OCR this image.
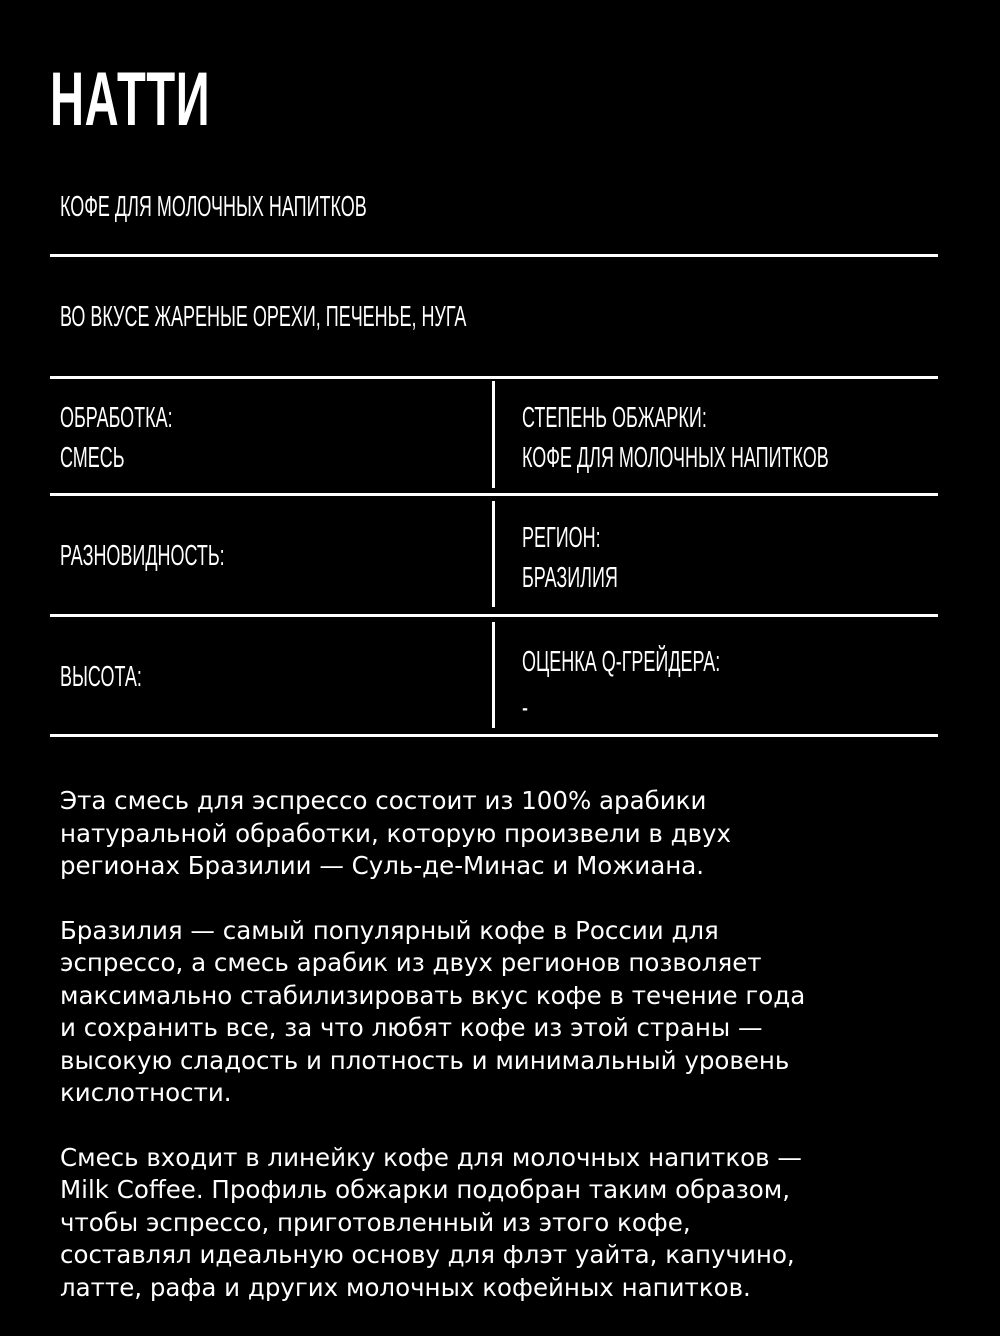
НАТТИ
КОФЕ ДЛЯ МОЛОЧНЫХ НАПИТКОВ
ВО ВКУСЕ ЖАРЕНЫЕ ОРЕХИ, ПЕЧЕНЬЕ, НУГА
ОБРАБОТКА:
СМЕСЬ
СТЕПЕНЬ ОБЖАРКИ:
КОФЕ ДЛЯ МОЛОЧНЫХ НАПИТКОВ
РАЗНОВИДНОСТЬ:
РЕГИОН:
БРАЗИЛИЯ
ВЫСОТА:	ОЦЕНКА Q-ГРЕЙДЕРА:
-

Эта смесь для эспрессо состоит из 100% арабики
натуральной обработки, которую произвели в двух
регионах Бразилии — Суль-де-Минас и Можиана.

Бразилия — самый популярный кофе в России для
эспрессо, а смесь арабик из двух регионов позволяет
максимально стабилизировать вкус кофе в течение года
и сохранить все, за что любят кофе из этой страны —
высокую сладость и плотность и минимальный уровень
кислотности.

Смесь входит в линейку кофе для молочных напитков —
Milk Coffee. Профиль обжарки подобран таким образом,
чтобы эспрессо, приготовленный из этого кофе,
составлял идеальную основу для флэт уайта, капучино,
латте, рафа и других молочных кофейных напитков.
